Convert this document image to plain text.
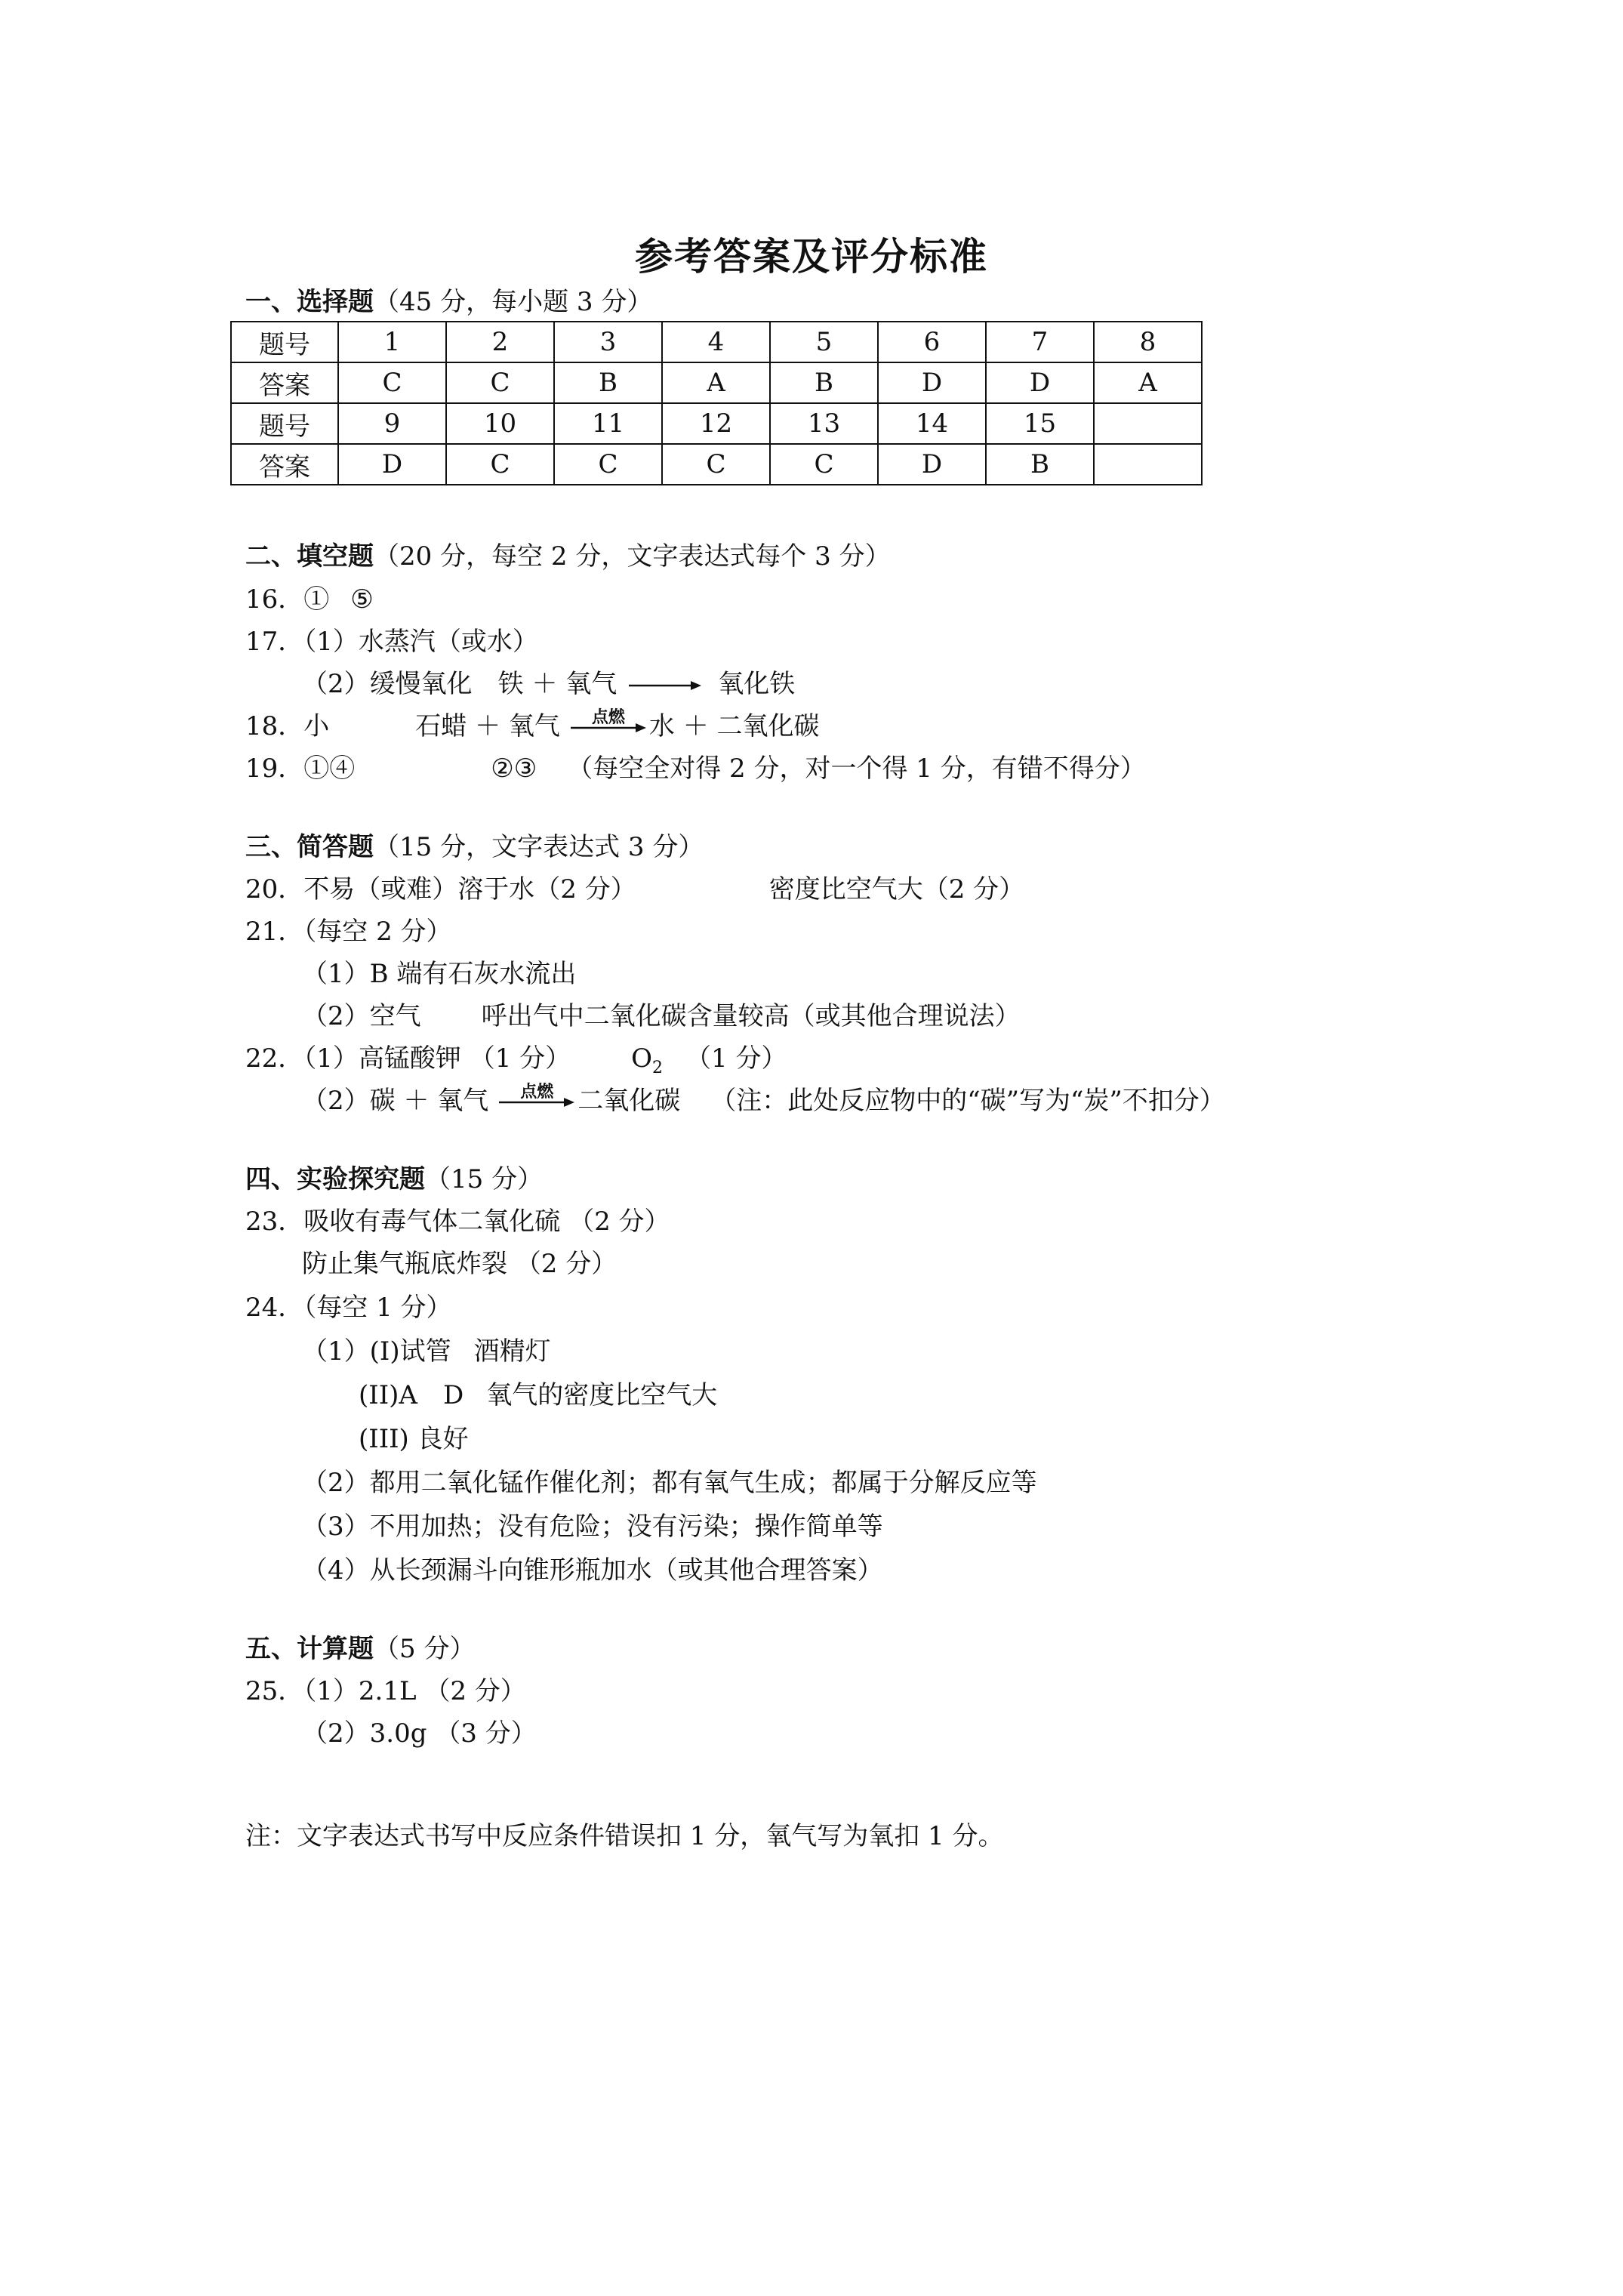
参考答案及评分标准
一、选择题（45 分，每小题 3 分）
题号	1	2	3	4	5	6	7	8
答案	C	C	B	A	B	D	D	A
题号	9	10	11	12	13	14	15	
答案	D	C	C	C	C	D	B	
二、填空题（20 分，每空 2 分，文字表达式每个 3 分）
16．① ⑤
17．（1）水蒸汽（或水）
（2）缓慢氧化 铁 ＋ 氧气 → 氧化铁
18．小	石蜡 ＋ 氧气	点燃 水 ＋ 二氧化碳
19．①④	②③ （每空全对得 2 分，对一个得 1 分，有错不得分）
三、简答题（15 分，文字表达式 3 分）
20．不易（或难）溶于水（2 分）	密度比空气大（2 分）
21．（每空 2 分）
（1）B 端有石灰水流出
（2）空气 呼出气中二氧化碳含量较高（或其他合理说法）
22．（1）高锰酸钾 （1 分） $O_2$ （1 分）
（2）碳 ＋ 氧气	点燃 二氧化碳 （注：此处反应物中的“碳”写为“炭”不扣分）
四、实验探究题（15 分）
23．吸收有毒气体二氧化硫 （2 分）
防止集气瓶底炸裂 （2 分）
24．（每空 1 分）
（1）(I)试管 酒精灯
(II)A D 氧气的密度比空气大
(III) 良好
（2）都用二氧化锰作催化剂；都有氧气生成；都属于分解反应等
（3）不用加热；没有危险；没有污染；操作简单等
（4）从长颈漏斗向锥形瓶加水（或其他合理答案）
五、计算题（5 分）
25．（1）2.1L （2 分）
（2）3.0g （3 分）
注：文字表达式书写中反应条件错误扣 1 分，氧气写为氧扣 1 分。
